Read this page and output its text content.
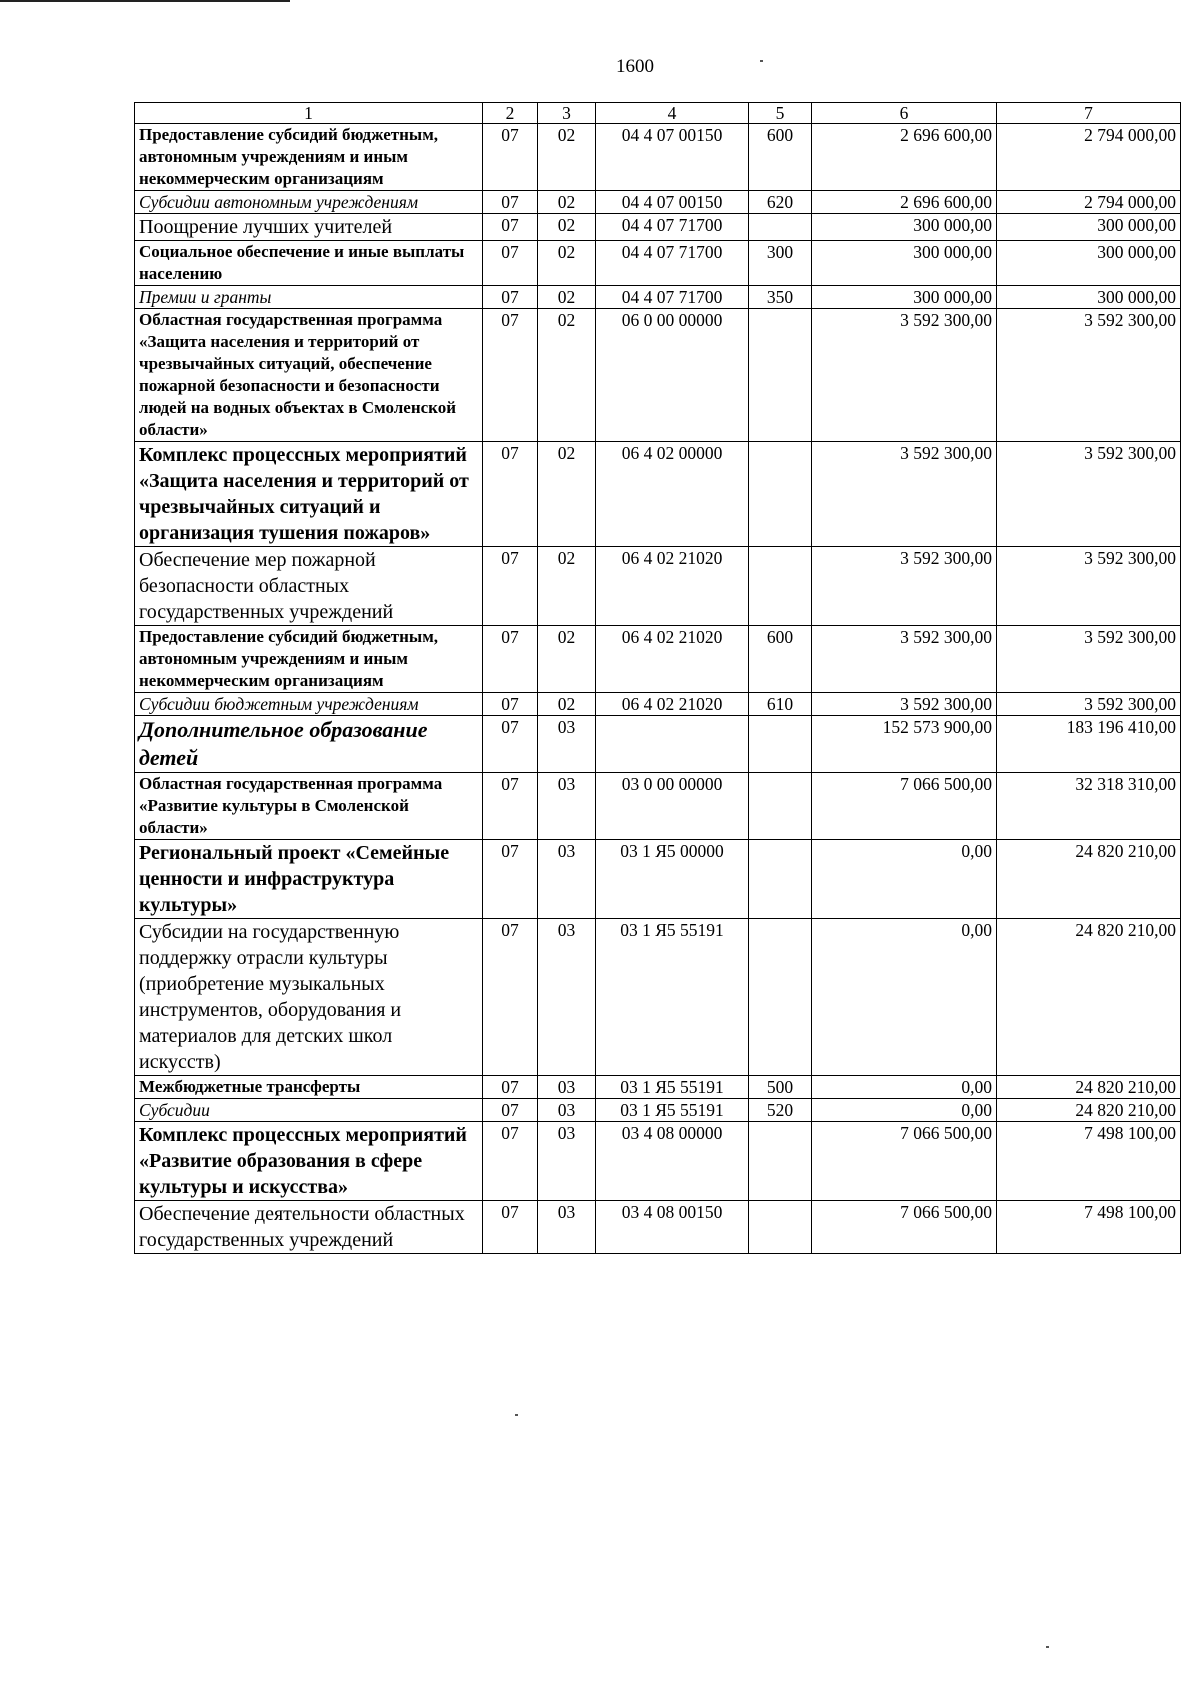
1600
1	2	3	4	5	6	7
Предоставление субсидий бюджетным, автономным учреждениям и иным некоммерческим организациям	07	02	04 4 07 00150	600	2 696 600,00	2 794 000,00
Субсидии автономным учреждениям	07	02	04 4 07 00150	620	2 696 600,00	2 794 000,00
Поощрение лучших учителей	07	02	04 4 07 71700		300 000,00	300 000,00
Социальное обеспечение и иные выплаты населению	07	02	04 4 07 71700	300	300 000,00	300 000,00
Премии и гранты	07	02	04 4 07 71700	350	300 000,00	300 000,00
Областная государственная программа «Защита населения и территорий от чрезвычайных ситуаций, обеспечение пожарной безопасности и безопасности людей на водных объектах в Смоленской области»	07	02	06 0 00 00000		3 592 300,00	3 592 300,00
Комплекс процессных мероприятий «Защита населения и территорий от чрезвычайных ситуаций и организация тушения пожаров»	07	02	06 4 02 00000		3 592 300,00	3 592 300,00
Обеспечение мер пожарной безопасности областных государственных учреждений	07	02	06 4 02 21020		3 592 300,00	3 592 300,00
Предоставление субсидий бюджетным, автономным учреждениям и иным некоммерческим организациям	07	02	06 4 02 21020	600	3 592 300,00	3 592 300,00
Субсидии бюджетным учреждениям	07	02	06 4 02 21020	610	3 592 300,00	3 592 300,00
Дополнительное образование детей	07	03			152 573 900,00	183 196 410,00
Областная государственная программа «Развитие культуры в Смоленской области»	07	03	03 0 00 00000		7 066 500,00	32 318 310,00
Региональный проект «Семейные ценности и инфраструктура культуры»	07	03	03 1 Я5 00000		0,00	24 820 210,00
Субсидии на государственную поддержку отрасли культуры (приобретение музыкальных инструментов, оборудования и материалов для детских школ искусств)	07	03	03 1 Я5 55191		0,00	24 820 210,00
Межбюджетные трансферты	07	03	03 1 Я5 55191	500	0,00	24 820 210,00
Субсидии	07	03	03 1 Я5 55191	520	0,00	24 820 210,00
Комплекс процессных мероприятий «Развитие образования в сфере культуры и искусства»	07	03	03 4 08 00000		7 066 500,00	7 498 100,00
Обеспечение деятельности областных государственных учреждений	07	03	03 4 08 00150		7 066 500,00	7 498 100,00
